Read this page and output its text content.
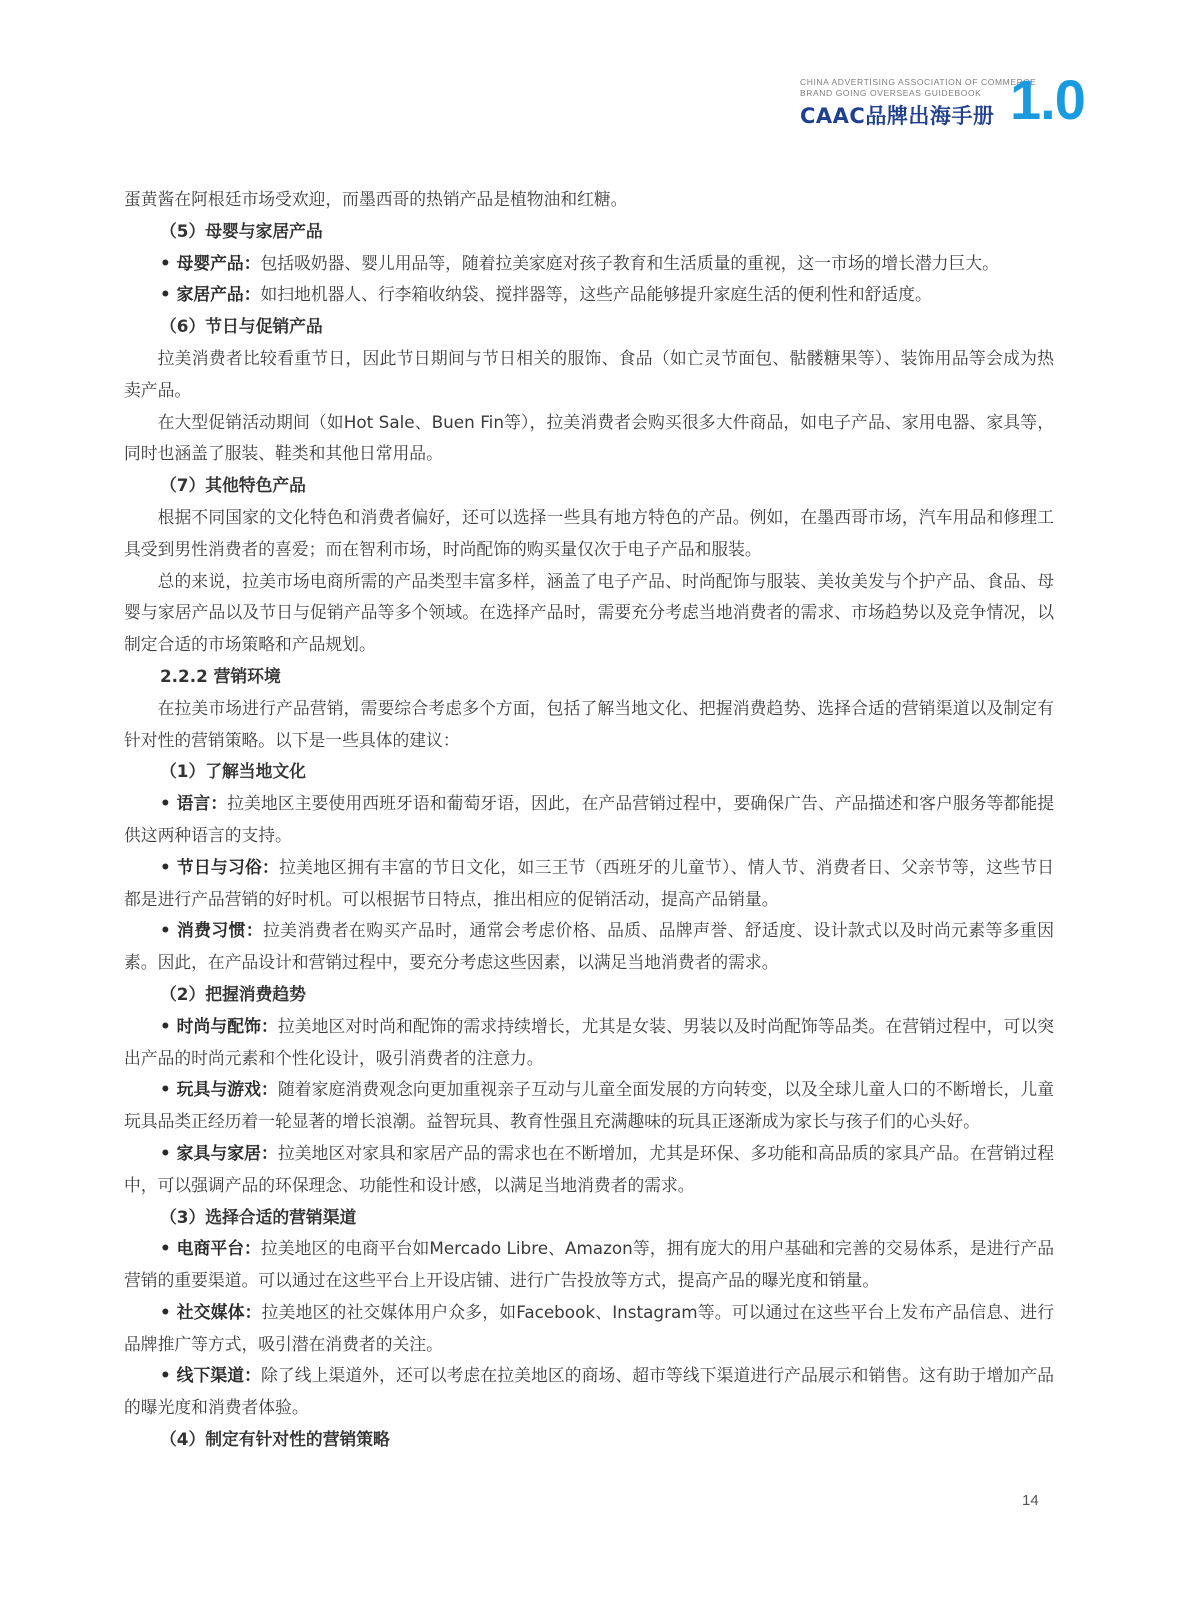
CHINA ADVERTISING ASSOCIATION OF COMMERCE
BRAND GOING OVERSEAS GUIDEBOOK
CAAC品牌出海手册 1.0

蛋黄酱在阿根廷市场受欢迎，而墨西哥的热销产品是植物油和红糖。

（5）母婴与家居产品

• 母婴产品：包括吸奶器、婴儿用品等，随着拉美家庭对孩子教育和生活质量的重视，这一市场的增长潜力巨大。

• 家居产品：如扫地机器人、行李箱收纳袋、搅拌器等，这些产品能够提升家庭生活的便利性和舒适度。

（6）节日与促销产品

拉美消费者比较看重节日，因此节日期间与节日相关的服饰、食品（如亡灵节面包、骷髅糖果等）、装饰用品等会成为热卖产品。

在大型促销活动期间（如Hot Sale、Buen Fin等），拉美消费者会购买很多大件商品，如电子产品、家用电器、家具等，同时也涵盖了服装、鞋类和其他日常用品。

（7）其他特色产品

根据不同国家的文化特色和消费者偏好，还可以选择一些具有地方特色的产品。例如，在墨西哥市场，汽车用品和修理工具受到男性消费者的喜爱；而在智利市场，时尚配饰的购买量仅次于电子产品和服装。

总的来说，拉美市场电商所需的产品类型丰富多样，涵盖了电子产品、时尚配饰与服装、美妆美发与个护产品、食品、母婴与家居产品以及节日与促销产品等多个领域。在选择产品时，需要充分考虑当地消费者的需求、市场趋势以及竞争情况，以制定合适的市场策略和产品规划。

2.2.2 营销环境

在拉美市场进行产品营销，需要综合考虑多个方面，包括了解当地文化、把握消费趋势、选择合适的营销渠道以及制定有针对性的营销策略。以下是一些具体的建议：

（1）了解当地文化

• 语言：拉美地区主要使用西班牙语和葡萄牙语，因此，在产品营销过程中，要确保广告、产品描述和客户服务等都能提供这两种语言的支持。

• 节日与习俗：拉美地区拥有丰富的节日文化，如三王节（西班牙的儿童节）、情人节、消费者日、父亲节等，这些节日都是进行产品营销的好时机。可以根据节日特点，推出相应的促销活动，提高产品销量。

• 消费习惯：拉美消费者在购买产品时，通常会考虑价格、品质、品牌声誉、舒适度、设计款式以及时尚元素等多重因素。因此，在产品设计和营销过程中，要充分考虑这些因素，以满足当地消费者的需求。

（2）把握消费趋势

• 时尚与配饰：拉美地区对时尚和配饰的需求持续增长，尤其是女装、男装以及时尚配饰等品类。在营销过程中，可以突出产品的时尚元素和个性化设计，吸引消费者的注意力。

• 玩具与游戏：随着家庭消费观念向更加重视亲子互动与儿童全面发展的方向转变，以及全球儿童人口的不断增长，儿童玩具品类正经历着一轮显著的增长浪潮。益智玩具、教育性强且充满趣味的玩具正逐渐成为家长与孩子们的心头好。

• 家具与家居：拉美地区对家具和家居产品的需求也在不断增加，尤其是环保、多功能和高品质的家具产品。在营销过程中，可以强调产品的环保理念、功能性和设计感，以满足当地消费者的需求。

（3）选择合适的营销渠道

• 电商平台：拉美地区的电商平台如Mercado Libre、Amazon等，拥有庞大的用户基础和完善的交易体系，是进行产品营销的重要渠道。可以通过在这些平台上开设店铺、进行广告投放等方式，提高产品的曝光度和销量。

• 社交媒体：拉美地区的社交媒体用户众多，如Facebook、Instagram等。可以通过在这些平台上发布产品信息、进行品牌推广等方式，吸引潜在消费者的关注。

• 线下渠道：除了线上渠道外，还可以考虑在拉美地区的商场、超市等线下渠道进行产品展示和销售。这有助于增加产品的曝光度和消费者体验。

（4）制定有针对性的营销策略

14
